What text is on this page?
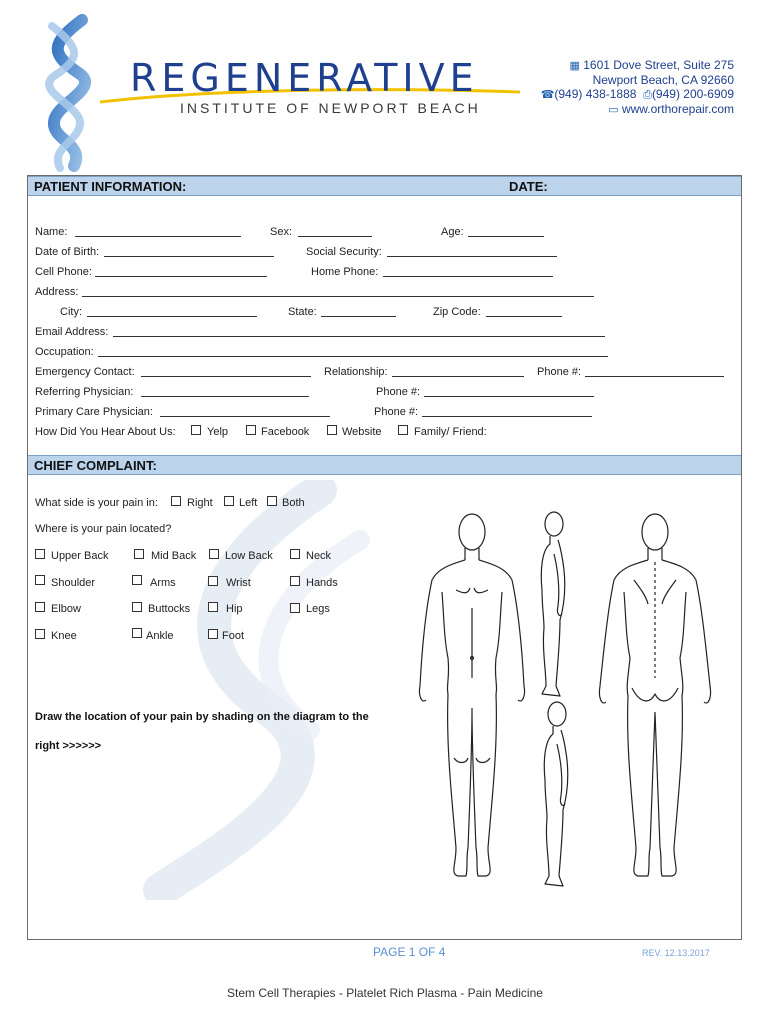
REGENERATIVE
INSTITUTE OF NEWPORT BEACH
▦ 1601 Dove Street, Suite 275
Newport Beach, CA 92660
☎(949) 438-1888 ⎙(949) 200-6909
▭ www.orthorepair.com
PATIENT INFORMATION:	DATE:
Name:	Sex:	Age:
Date of Birth:	Social Security:
Cell Phone:	Home Phone:
Address:
City:	State:	Zip Code:
Email Address:
Occupation:
Emergency Contact:	Relationship:	Phone #:
Referring Physician:	Phone #:
Primary Care Physician:	Phone #:
How Did You Hear About Us:	Yelp	Facebook	Website	Family/ Friend:
CHIEF COMPLAINT:
What side is your pain in:	Right Left Both
Where is your pain located?
Upper Back	Mid Back	Low Back	Neck
Shoulder	Arms	Wrist	Hands
Elbow	Buttocks	Hip	Legs
Knee	Ankle	Foot
Draw the location of your pain by shading on the diagram to the
right >>>>>>
PAGE 1 OF 4	REV. 12.13.2017
Stem Cell Therapies - Platelet Rich Plasma - Pain Medicine
